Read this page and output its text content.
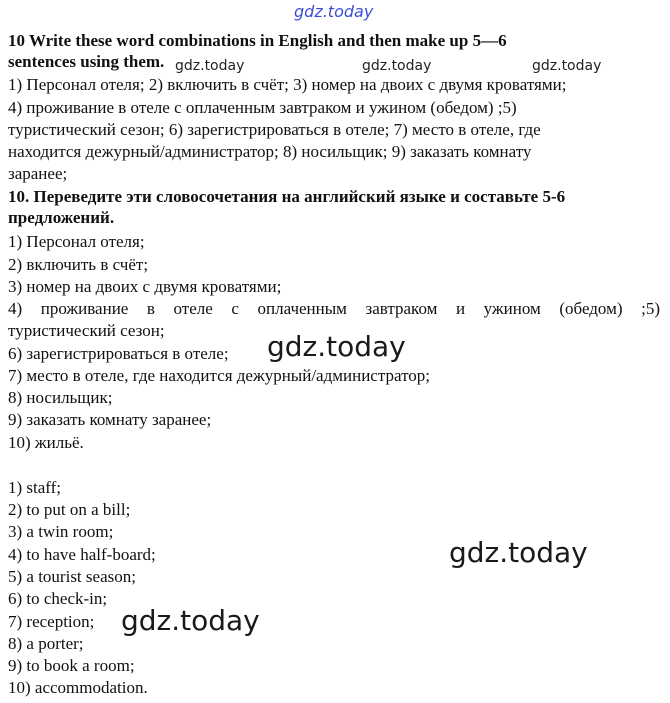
gdz.today
10 Write these word combinations in English and then make up 5—6
sentences using them.
1) Персонал отеля; 2) включить в счёт; 3) номер на двоих с двумя кроватями;
4) проживание в отеле с оплаченным завтраком и ужином (обедом) ;5)
туристический сезон; 6) зарегистрироваться в отеле; 7) место в отеле, где
находится дежурный/администратор; 8) носильщик; 9) заказать комнату
заранее;
10. Переведите эти словосочетания на английский языке и составьте 5-6
предложений.
1) Персонал отеля;
2) включить в счёт;
3) номер на двоих с двумя кроватями;
4) проживание в отеле с оплаченным завтраком и ужином (обедом) ;5)
туристический сезон;
6) зарегистрироваться в отеле;
7) место в отеле, где находится дежурный/администратор;
8) носильщик;
9) заказать комнату заранее;
10) жильё.
1) staff;
2) to put on a bill;
3) a twin room;
4) to have half-board;
5) a tourist season;
6) to check-in;
7) reception;
8) a porter;
9) to book a room;
10) accommodation.
gdz.today	gdz.today	gdz.today
gdz.today
gdz.today
gdz.today
